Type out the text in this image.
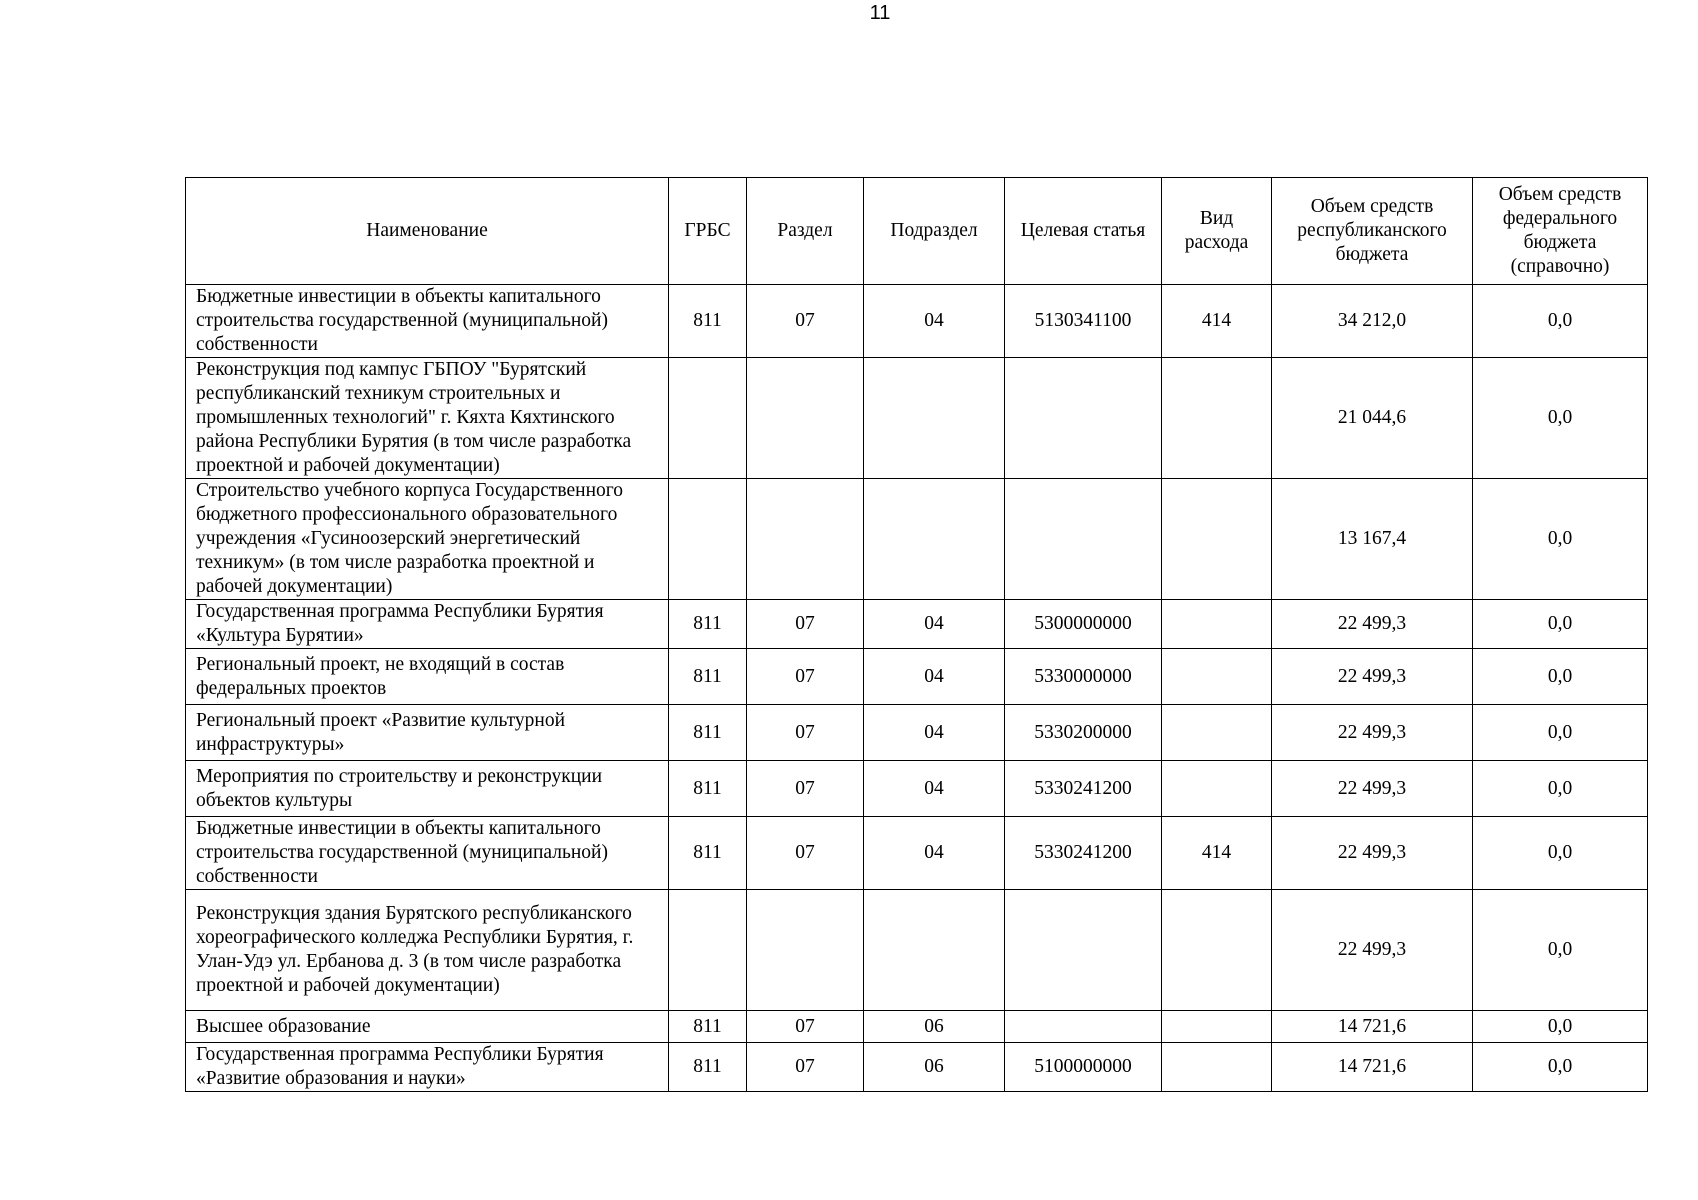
11
Наименование	ГРБС	Раздел	Подраздел	Целевая статья	Вид расхода	Объем средств республиканского бюджета	Объем средств федерального бюджета (справочно)
Бюджетные инвестиции в объекты капитального строительства государственной (муниципальной) собственности	811	07	04	5130341100	414	34 212,0	0,0
Реконструкция под кампус ГБПОУ "Бурятский республиканский техникум строительных и промышленных технологий" г. Кяхта Кяхтинского района Республики Бурятия (в том числе разработка проектной и рабочей документации)						21 044,6	0,0
Строительство учебного корпуса Государственного бюджетного профессионального образовательного учреждения «Гусиноозерский энергетический техникум» (в том числе разработка проектной и рабочей документации)						13 167,4	0,0
Государственная программа Республики Бурятия «Культура Бурятии»	811	07	04	5300000000		22 499,3	0,0
Региональный проект, не входящий в состав федеральных проектов	811	07	04	5330000000		22 499,3	0,0
Региональный проект «Развитие культурной инфраструктуры»	811	07	04	5330200000		22 499,3	0,0
Мероприятия по строительству и реконструкции объектов культуры	811	07	04	5330241200		22 499,3	0,0
Бюджетные инвестиции в объекты капитального строительства государственной (муниципальной) собственности	811	07	04	5330241200	414	22 499,3	0,0
Реконструкция здания Бурятского республиканского хореографического колледжа Республики Бурятия, г. Улан-Удэ ул. Ербанова д. 3 (в том числе разработка проектной и рабочей документации)						22 499,3	0,0
Высшее образование	811	07	06			14 721,6	0,0
Государственная программа Республики Бурятия «Развитие образования и науки»	811	07	06	5100000000		14 721,6	0,0
